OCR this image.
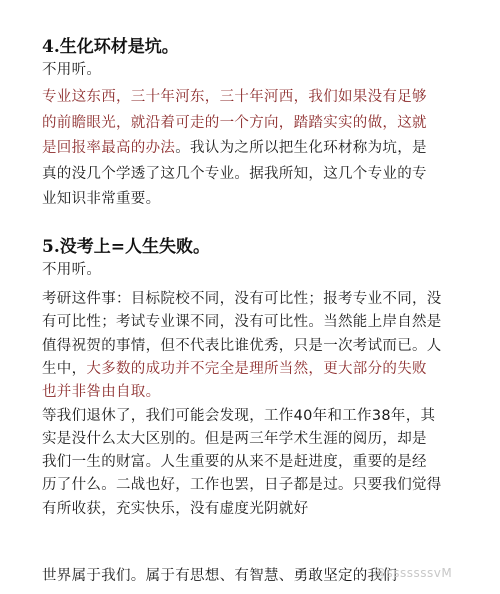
4.生化环材是坑。
不用听。
专业这东西，三十年河东，三十年河西，我们如果没有足够
的前瞻眼光，就沿着可走的一个方向，踏踏实实的做，这就
是回报率最高的办法。我认为之所以把生化环材称为坑，是
真的没几个学透了这几个专业。据我所知，这几个专业的专
业知识非常重要。
5.没考上=人生失败。
不用听。
考研这件事：目标院校不同，没有可比性；报考专业不同，没
有可比性；考试专业课不同，没有可比性。当然能上岸自然是
值得祝贺的事情，但不代表比谁优秀，只是一次考试而已。人
生中，大多数的成功并不完全是理所当然，更大部分的失败
也并非咎由自取。
等我们退休了，我们可能会发现，工作40年和工作38年，其
实是没什么太大区别的。但是两三年学术生涯的阅历，却是
我们一生的财富。人生重要的从来不是赶进度，重要的是经
历了什么。二战也好，工作也罢，日子都是过。只要我们觉得
有所收获，充实快乐，没有虚度光阴就好
世界属于我们。属于有思想、有智慧、勇敢坚定的我们
@sssssssvM
